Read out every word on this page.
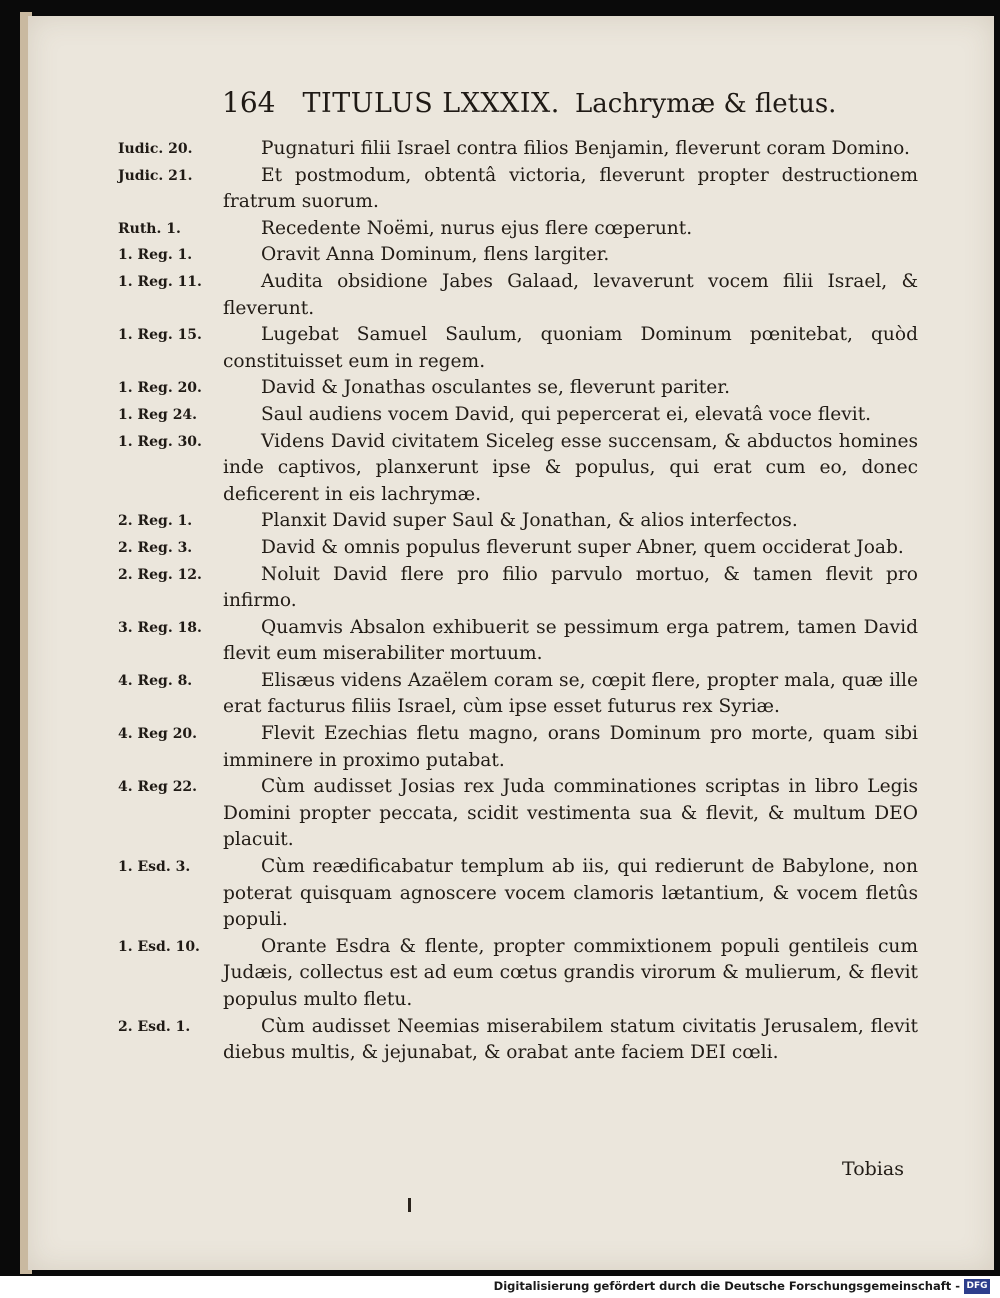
164 TITULUS LXXXIX. Lachrymæ & fletus.
Iudic. 20.	Pugnaturi filii Israel contra filios Benjamin, fleverunt coram Domino.
Judic. 21.	Et postmodum, obtentâ victoria, fleverunt propter destructionem fratrum suorum.
Ruth. 1.	Recedente Noëmi, nurus ejus flere cœperunt.
1. Reg. 1.	Oravit Anna Dominum, flens largiter.
1. Reg. 11.	Audita obsidione Jabes Galaad, levaverunt vocem filii Israel, & fleverunt.
1. Reg. 15.	Lugebat Samuel Saulum, quoniam Dominum pœnitebat, quòd constituisset eum in regem.
1. Reg. 20.	David & Jonathas osculantes se, fleverunt pariter.
1. Reg 24.	Saul audiens vocem David, qui pepercerat ei, elevatâ voce flevit.
1. Reg. 30.	Videns David civitatem Siceleg esse succensam, & abductos homines inde captivos, planxerunt ipse & populus, qui erat cum eo, donec deficerent in eis lachrymæ.
2. Reg. 1.	Planxit David super Saul & Jonathan, & alios interfectos.
2. Reg. 3.	David & omnis populus fleverunt super Abner, quem occiderat Joab.
2. Reg. 12.	Noluit David flere pro filio parvulo mortuo, & tamen flevit pro infirmo.
3. Reg. 18.	Quamvis Absalon exhibuerit se pessimum erga patrem, tamen David flevit eum miserabiliter mortuum.
4. Reg. 8.	Elisæus videns Azaëlem coram se, cœpit flere, propter mala, quæ ille erat facturus filiis Israel, cùm ipse esset futurus rex Syriæ.
4. Reg 20.	Flevit Ezechias fletu magno, orans Dominum pro morte, quam sibi imminere in proximo putabat.
4. Reg 22.	Cùm audisset Josias rex Juda comminationes scriptas in libro Legis Domini propter peccata, scidit vestimenta sua & flevit, & multum DEO placuit.
1. Esd. 3.	Cùm reædificabatur templum ab iis, qui redierunt de Babylone, non poterat quisquam agnoscere vocem clamoris lætantium, & vocem fletûs populi.
1. Esd. 10.	Orante Esdra & flente, propter commixtionem populi gentileis cum Judæis, collectus est ad eum cœtus grandis virorum & mulierum, & flevit populus multo fletu.
2. Esd. 1.	Cùm audisset Neemias miserabilem statum civitatis Jerusalem, flevit diebus multis, & jejunabat, & orabat ante faciem DEI cœli.
Tobias
Digitalisierung gefördert durch die Deutsche Forschungsgemeinschaft - DFG
